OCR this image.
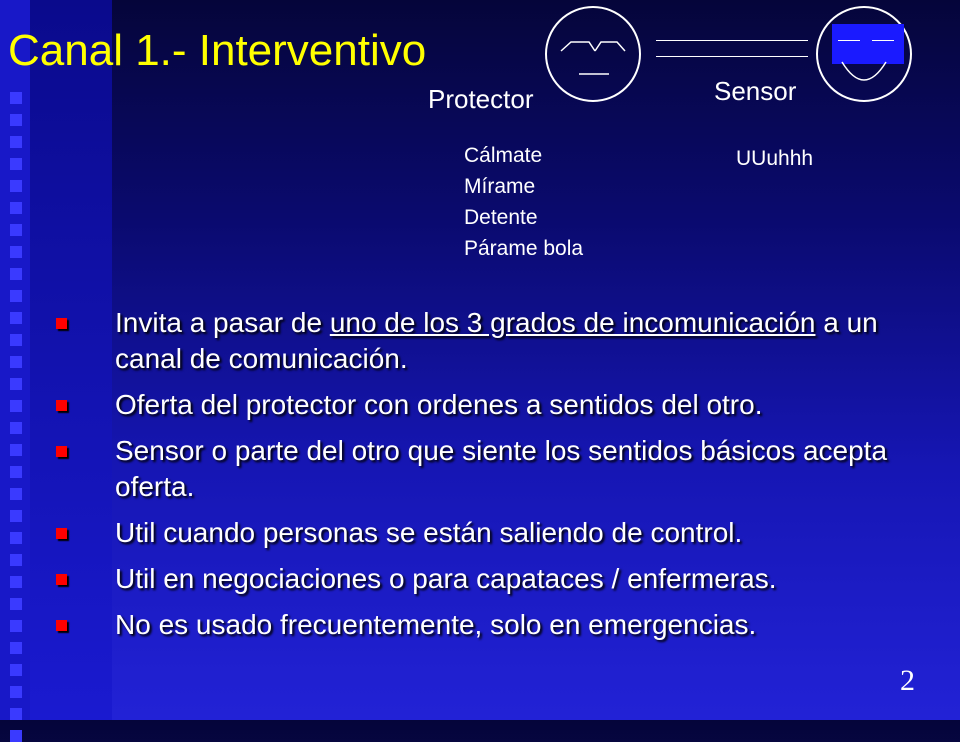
Canal 1.- Interventivo
Protector	Sensor
Cálmate
Mírame
Detente
Párame bola
UUuhhh
Invita a pasar de uno de los 3 grados de incomunicación a un canal de comunicación.
Oferta del protector con ordenes a sentidos del otro.
Sensor o parte del otro que siente los sentidos básicos acepta oferta.
Util cuando personas se están saliendo de control.
Util en negociaciones o para capataces / enfermeras.
No es usado frecuentemente, solo en emergencias.
2
